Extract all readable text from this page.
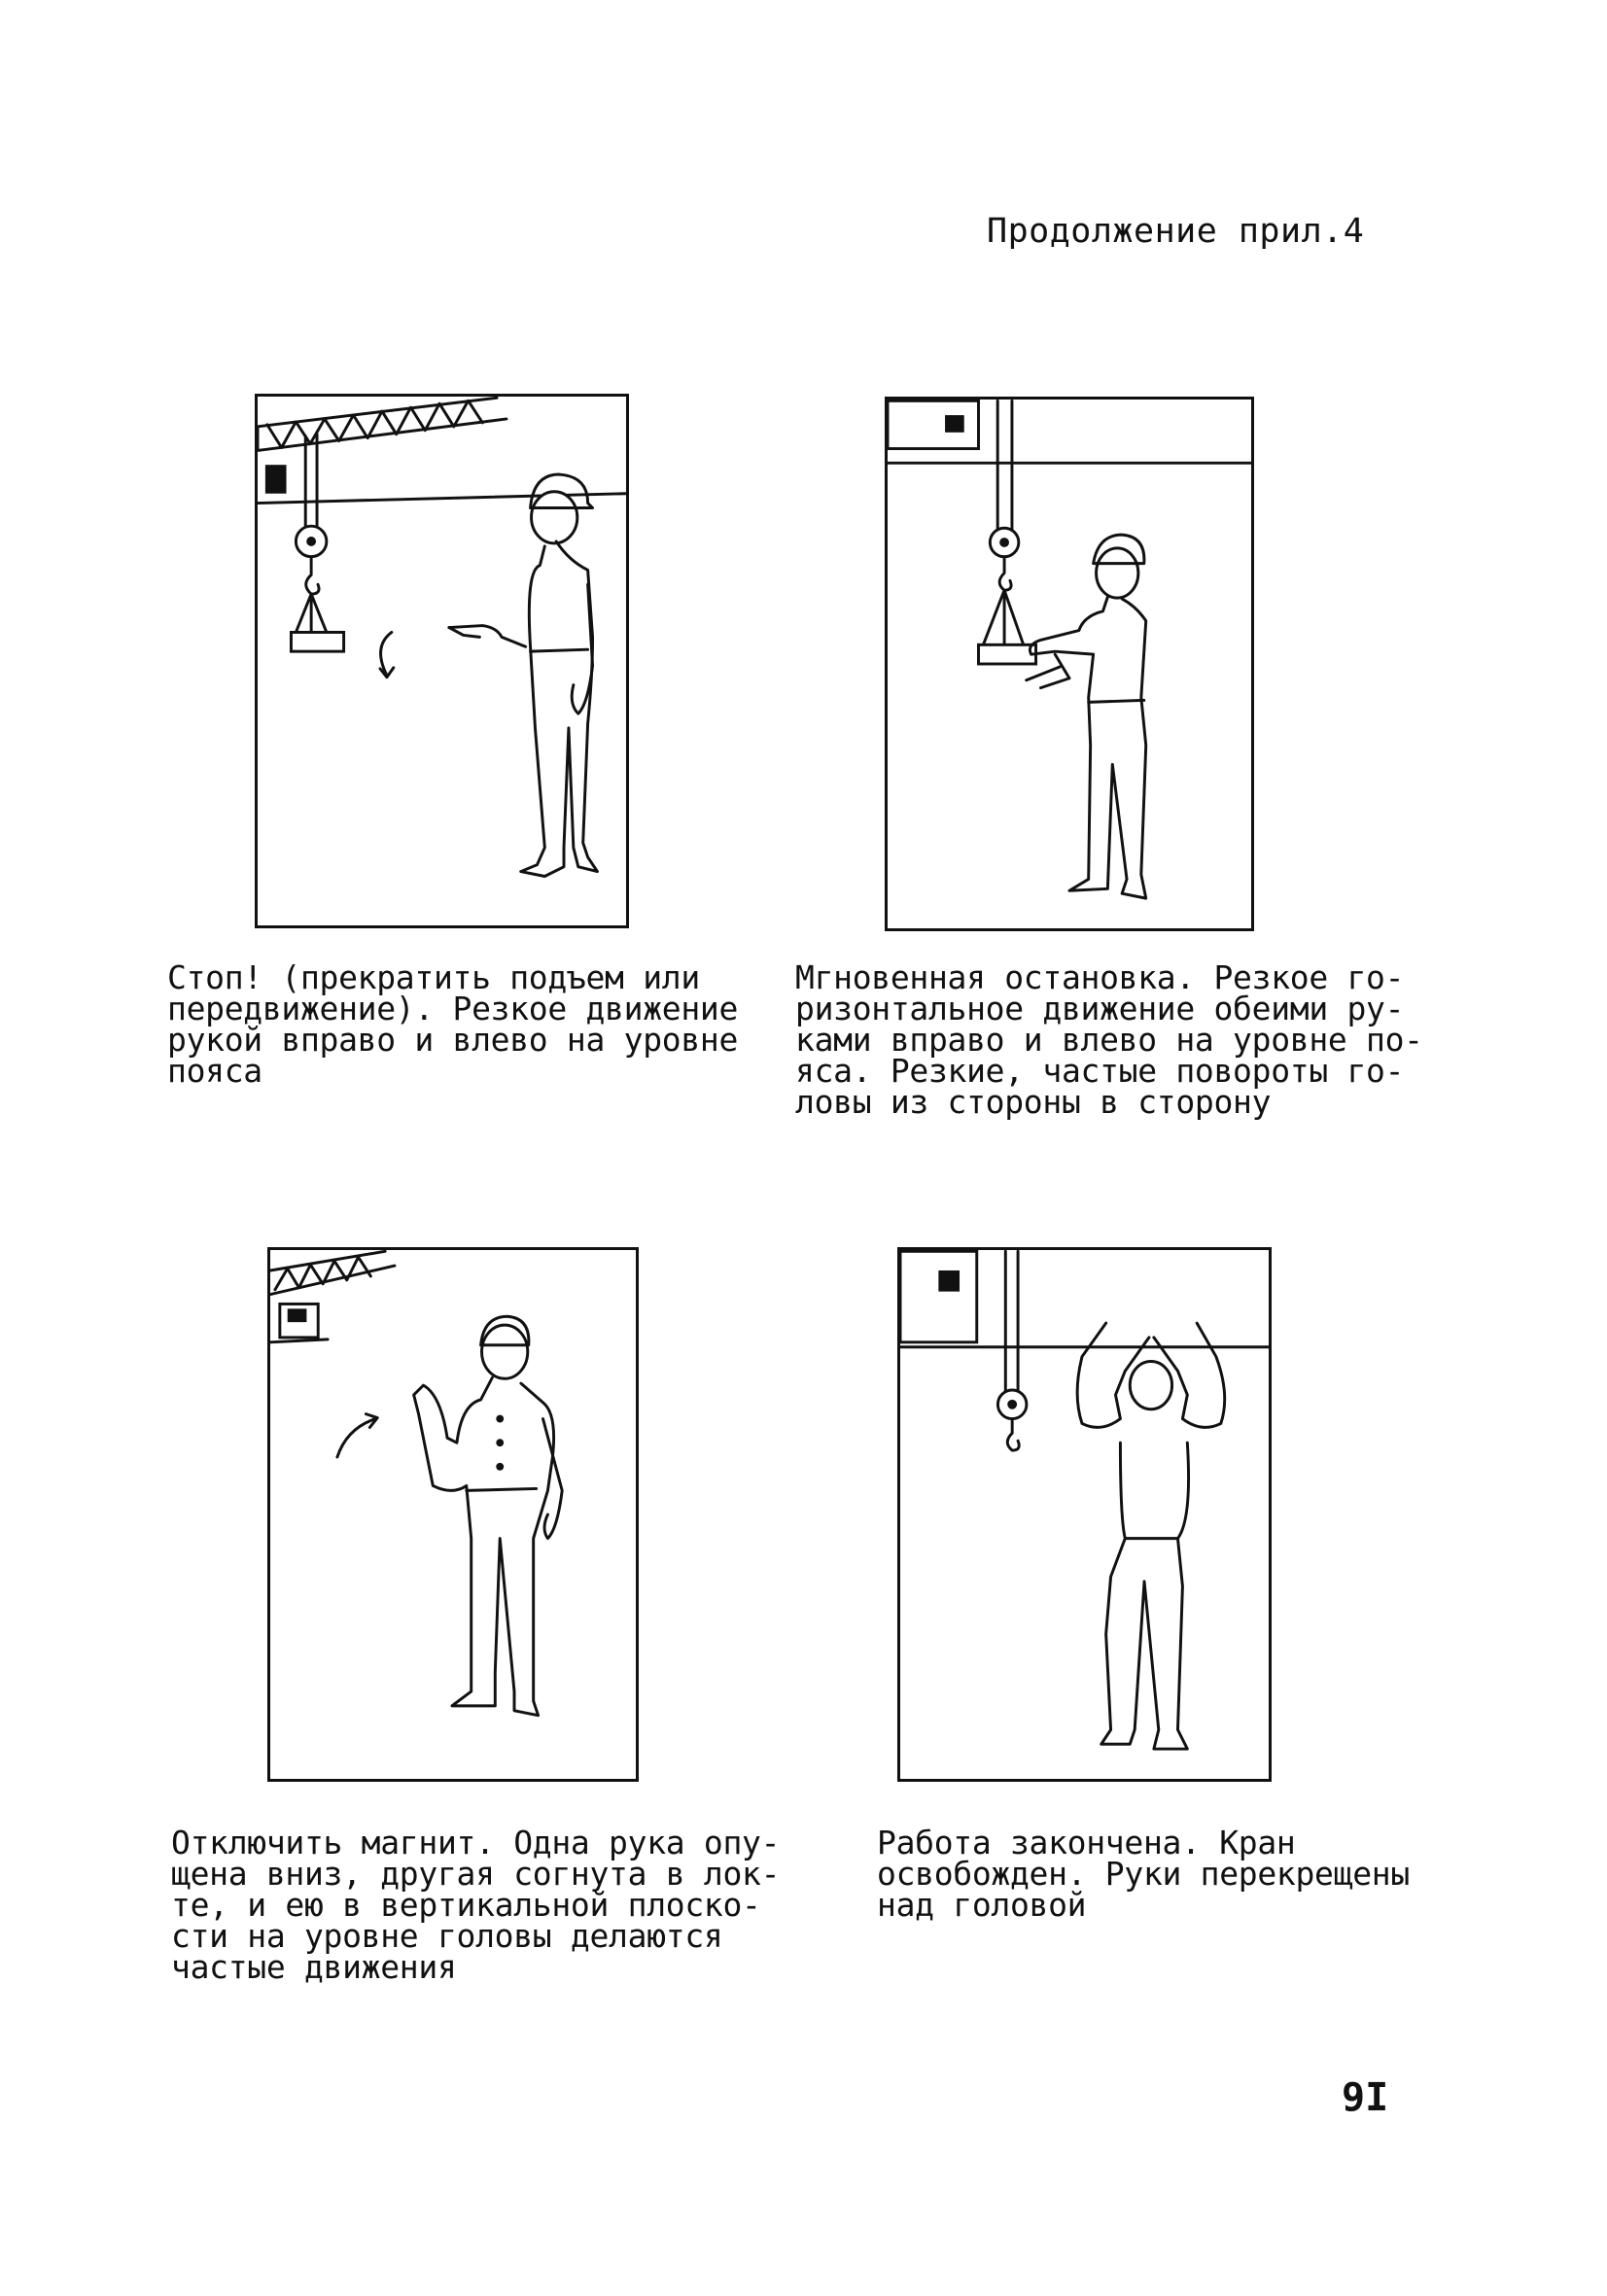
Продолжение прил.4
Стоп! (прекратить подъем или
передвижение). Резкое движение
рукой вправо и влево на уровне
пояса
Мгновенная остановка. Резкое го-
ризонтальное движение обеими ру-
ками вправо и влево на уровне по-
яса. Резкие, частые повороты го-
ловы из стороны в сторону
Отключить магнит. Одна рука опу-
щена вниз, другая согнута в лок-
те, и ею в вертикальной плоско-
сти на уровне головы делаются
частые движения
Работа закончена. Кран
освобожден. Руки перекрещены
над головой
9I
